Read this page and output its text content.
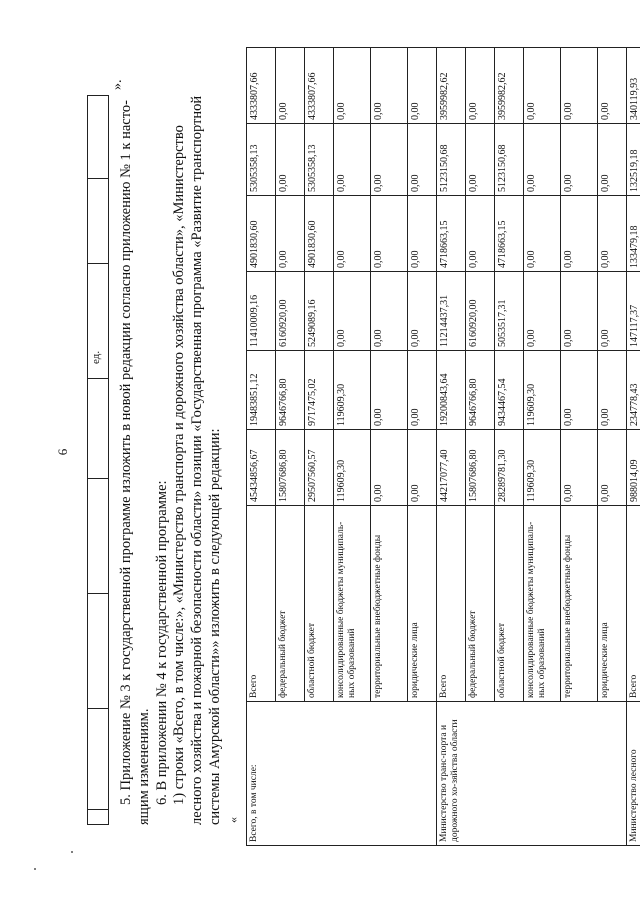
6
ед.
».

5. Приложение № 3 к государственной программе изложить в новой редакции согласно приложению № 1 к насто- ящим изменениям. 6. В приложении № 4 к государственной программе: 1) строки «Всего, в том числе:», «Министерство транспорта и дорожного хозяйства области», «Министерство лесного хозяйства и пожарной безопасности области» позиции «Государственная программа «Развитие транспортной системы Амурской области»» изложить в следующей редакции: « Всего, в том числе:	Всего	45434856,67	19483851,12	11410009,16	4901830,60	5305358,13	4333807,66
	федеральный бюджет	15807686,80	9646766,80	6160920,00	0,00	0,00	0,00
	областной бюджет	29507560,57	9717475,02	5249089,16	4901830,60	5305358,13	4333807,66
	консолидированные бюджеты муниципаль-ных образований	119609,30	119609,30	0,00	0,00	0,00	0,00
	территориальные внебюджетные фонды	0,00	0,00	0,00	0,00	0,00	0,00
	юридические лица	0,00	0,00	0,00	0,00	0,00	0,00
Министерство транс-порта и дорожного хо-зяйства области	Всего	44217077,40	19200843,64	11214437,31	4718663,15	5123150,68	3959982,62
	федеральный бюджет	15807686,80	9646766,80	6160920,00	0,00	0,00	0,00
	областной бюджет	28289781,30	9434467,54	5053517,31	4718663,15	5123150,68	3959982,62
	консолидированные бюджеты муниципаль-ных образований	119609,30	119609,30	0,00	0,00	0,00	0,00
	территориальные внебюджетные фонды	0,00	0,00	0,00	0,00	0,00	0,00
	юридические лица	0,00	0,00	0,00	0,00	0,00	0,00
Министерство лесного	Всего	988014,09	234778,43	147117,37	133479,18	132519,18	340119,93
